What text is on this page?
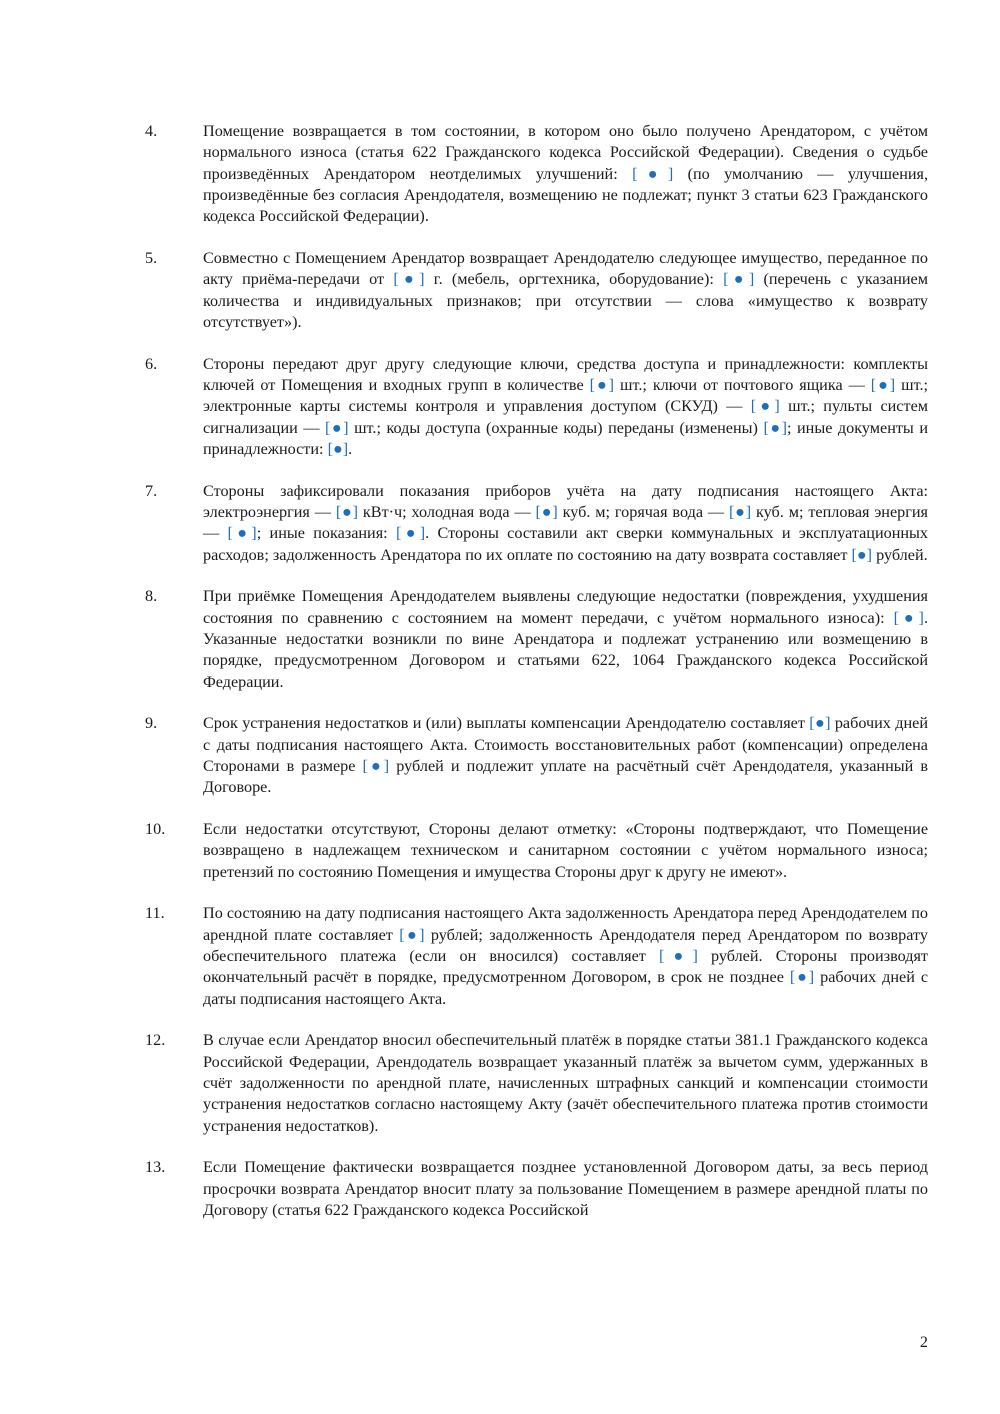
4.	Помещение возвращается в том состоянии, в котором оно было получено Арендатором, с учётом нормального износа (статья 622 Гражданского кодекса Российской Федерации). Сведения о судьбе произведённых Арендатором неотделимых улучшений: [●] (по умолчанию — улучшения, произведённые без согласия Арендодателя, возмещению не подлежат; пункт 3 статьи 623 Гражданского кодекса Российской Федерации).
5.	Совместно с Помещением Арендатор возвращает Арендодателю следующее имущество, переданное по акту приёма-передачи от [●] г. (мебель, оргтехника, оборудование): [●] (перечень с указанием количества и индивидуальных признаков; при отсутствии — слова «имущество к возврату отсутствует»).
6.	Стороны передают друг другу следующие ключи, средства доступа и принадлежности: комплекты ключей от Помещения и входных групп в количестве [●] шт.; ключи от почтового ящика — [●] шт.; электронные карты системы контроля и управления доступом (СКУД) — [●] шт.; пульты систем сигнализации — [●] шт.; коды доступа (охранные коды) переданы (изменены) [●]; иные документы и принадлежности: [●].
7.	Стороны зафиксировали показания приборов учёта на дату подписания настоящего Акта: электроэнергия — [●] кВт·ч; холодная вода — [●] куб. м; горячая вода — [●] куб. м; тепловая энергия — [●]; иные показания: [●]. Стороны составили акт сверки коммунальных и эксплуатационных расходов; задолженность Арендатора по их оплате по состоянию на дату возврата составляет [●] рублей.
8.	При приёмке Помещения Арендодателем выявлены следующие недостатки (повреждения, ухудшения состояния по сравнению с состоянием на момент передачи, с учётом нормального износа): [●]. Указанные недостатки возникли по вине Арендатора и подлежат устранению или возмещению в порядке, предусмотренном Договором и статьями 622, 1064 Гражданского кодекса Российской Федерации.
9.	Срок устранения недостатков и (или) выплаты компенсации Арендодателю составляет [●] рабочих дней с даты подписания настоящего Акта. Стоимость восстановительных работ (компенсации) определена Сторонами в размере [●] рублей и подлежит уплате на расчётный счёт Арендодателя, указанный в Договоре.
10.	Если недостатки отсутствуют, Стороны делают отметку: «Стороны подтверждают, что Помещение возвращено в надлежащем техническом и санитарном состоянии с учётом нормального износа; претензий по состоянию Помещения и имущества Стороны друг к другу не имеют».
11.	По состоянию на дату подписания настоящего Акта задолженность Арендатора перед Арендодателем по арендной плате составляет [●] рублей; задолженность Арендодателя перед Арендатором по возврату обеспечительного платежа (если он вносился) составляет [●] рублей. Стороны производят окончательный расчёт в порядке, предусмотренном Договором, в срок не позднее [●] рабочих дней с даты подписания настоящего Акта.
12.	В случае если Арендатор вносил обеспечительный платёж в порядке статьи 381.1 Гражданского кодекса Российской Федерации, Арендодатель возвращает указанный платёж за вычетом сумм, удержанных в счёт задолженности по арендной плате, начисленных штрафных санкций и компенсации стоимости устранения недостатков согласно настоящему Акту (зачёт обеспечительного платежа против стоимости устранения недостатков).
13.	Если Помещение фактически возвращается позднее установленной Договором даты, за весь период просрочки возврата Арендатор вносит плату за пользование Помещением в размере арендной платы по Договору (статья 622 Гражданского кодекса Российской
2
